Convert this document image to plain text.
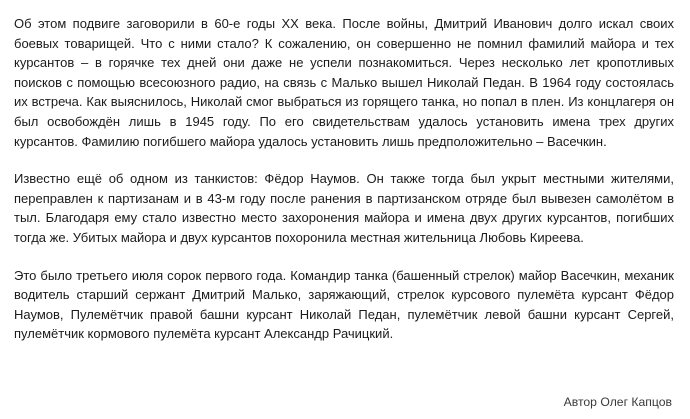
Об этом подвиге заговорили в 60-е годы XX века. После войны, Дмитрий Иванович долго искал своих боевых товарищей. Что с ними стало? К сожалению, он совершенно не помнил фамилий майора и тех курсантов – в горячке тех дней они даже не успели познакомиться. Через несколько лет кропотливых поисков с помощью всесоюзного радио, на связь с Малько вышел Николай Педан. В 1964 году состоялась их встреча. Как выяснилось, Николай смог выбраться из горящего танка, но попал в плен. Из концлагеря он был освобождён лишь в 1945 году. По его свидетельствам удалось установить имена трех других курсантов. Фамилию погибшего майора удалось установить лишь предположительно – Васечкин.

Известно ещё об одном из танкистов: Фёдор Наумов. Он также тогда был укрыт местными жителями, переправлен к партизанам и в 43-м году после ранения в партизанском отряде был вывезен самолётом в тыл. Благодаря ему стало известно место захоронения майора и имена двух других курсантов, погибших тогда же. Убитых майора и двух курсантов похоронила местная жительница Любовь Киреева.

Это было третьего июля сорок первого года. Командир танка (башенный стрелок) майор Васечкин, механик водитель старший сержант Дмитрий Малько, заряжающий, стрелок курсового пулемёта курсант Фёдор Наумов, Пулемётчик правой башни курсант Николай Педан, пулемётчик левой башни курсант Сергей, пулемётчик кормового пулемёта курсант Александр Рачицкий.

Автор Олег Капцов
